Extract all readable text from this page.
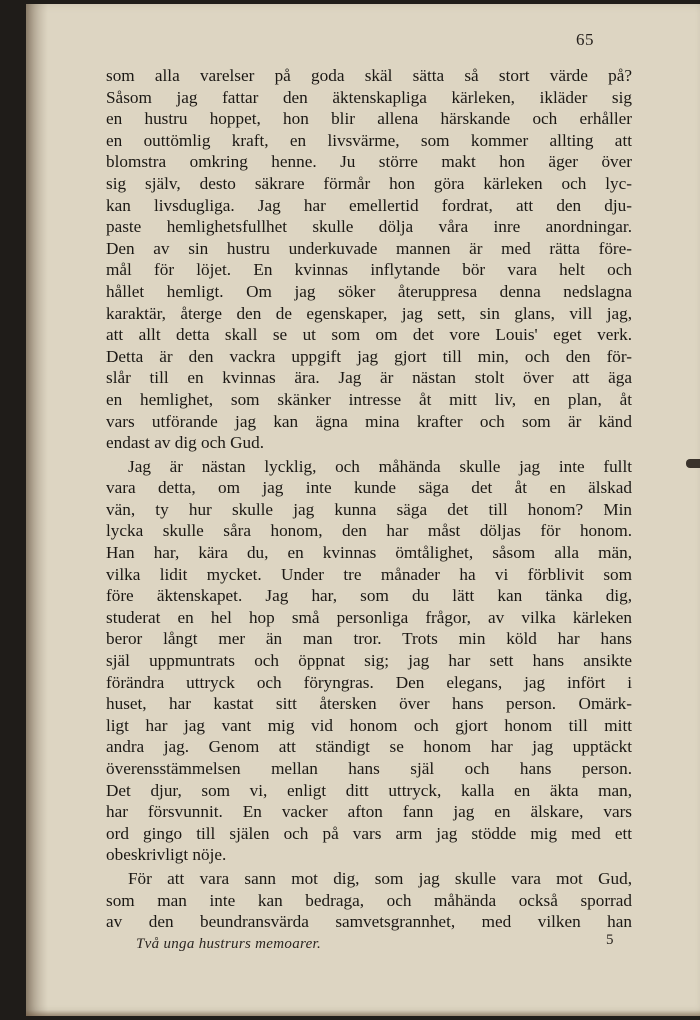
65
som alla varelser på goda skäl sätta så stort värde på?
Såsom jag fattar den äktenskapliga kärleken, ikläder sig
en hustru hoppet, hon blir allena härskande och erhåller
en outtömlig kraft, en livsvärme, som kommer allting att
blomstra omkring henne. Ju större makt hon äger över
sig själv, desto säkrare förmår hon göra kärleken och lyc-
kan livsdugliga. Jag har emellertid fordrat, att den dju-
paste hemlighetsfullhet skulle dölja våra inre anordningar.
Den av sin hustru underkuvade mannen är med rätta före-
mål för löjet. En kvinnas inflytande bör vara helt och
hållet hemligt. Om jag söker återuppresa denna nedslagna
karaktär, återge den de egenskaper, jag sett, sin glans, vill jag,
att allt detta skall se ut som om det vore Louis' eget verk.
Detta är den vackra uppgift jag gjort till min, och den för-
slår till en kvinnas ära. Jag är nästan stolt över att äga
en hemlighet, som skänker intresse åt mitt liv, en plan, åt
vars utförande jag kan ägna mina krafter och som är känd
endast av dig och Gud.
Jag är nästan lycklig, och måhända skulle jag inte fullt
vara detta, om jag inte kunde säga det åt en älskad
vän, ty hur skulle jag kunna säga det till honom? Min
lycka skulle såra honom, den har måst döljas för honom.
Han har, kära du, en kvinnas ömtålighet, såsom alla män,
vilka lidit mycket. Under tre månader ha vi förblivit som
före äktenskapet. Jag har, som du lätt kan tänka dig,
studerat en hel hop små personliga frågor, av vilka kärleken
beror långt mer än man tror. Trots min köld har hans
själ uppmuntrats och öppnat sig; jag har sett hans ansikte
förändra uttryck och föryngras. Den elegans, jag infört i
huset, har kastat sitt återsken över hans person. Omärk-
ligt har jag vant mig vid honom och gjort honom till mitt
andra jag. Genom att ständigt se honom har jag upptäckt
överensstämmelsen mellan hans själ och hans person.
Det djur, som vi, enligt ditt uttryck, kalla en äkta man,
har försvunnit. En vacker afton fann jag en älskare, vars
ord gingo till själen och på vars arm jag stödde mig med ett
obeskrivligt nöje.
För att vara sann mot dig, som jag skulle vara mot Gud,
som man inte kan bedraga, och måhända också sporrad
av den beundransvärda samvetsgrannhet, med vilken han
Två unga hustrurs memoarer.	5
